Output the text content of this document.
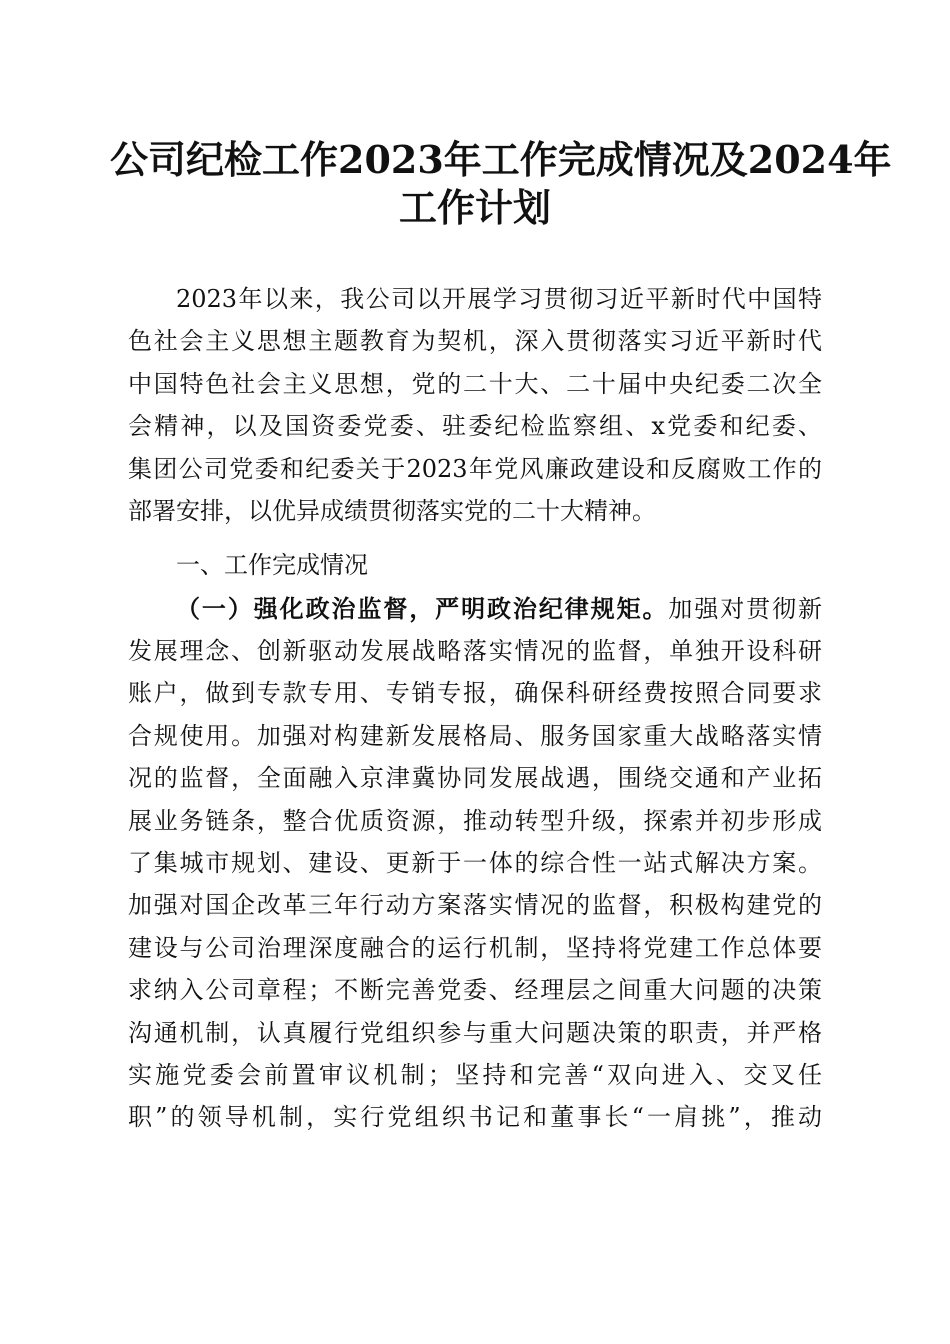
公司纪检工作2023年工作完成情况及2024年
工作计划
2023年以来，我公司以开展学习贯彻习近平新时代中国特
色社会主义思想主题教育为契机，深入贯彻落实习近平新时代
中国特色社会主义思想，党的二十大、二十届中央纪委二次全
会精神，以及国资委党委、驻委纪检监察组、x党委和纪委、
集团公司党委和纪委关于2023年党风廉政建设和反腐败工作的
部署安排，以优异成绩贯彻落实党的二十大精神。
一、工作完成情况
（一）强化政治监督，严明政治纪律规矩。加强对贯彻新
发展理念、创新驱动发展战略落实情况的监督，单独开设科研
账户，做到专款专用、专销专报，确保科研经费按照合同要求
合规使用。加强对构建新发展格局、服务国家重大战略落实情
况的监督，全面融入京津冀协同发展战遇，围绕交通和产业拓
展业务链条，整合优质资源，推动转型升级，探索并初步形成
了集城市规划、建设、更新于一体的综合性一站式解决方案。
加强对国企改革三年行动方案落实情况的监督，积极构建党的
建设与公司治理深度融合的运行机制，坚持将党建工作总体要
求纳入公司章程；不断完善党委、经理层之间重大问题的决策
沟通机制，认真履行党组织参与重大问题决策的职责，并严格
实施党委会前置审议机制；坚持和完善“双向进入、交叉任
职”的领导机制，实行党组织书记和董事长“一肩挑”，推动
